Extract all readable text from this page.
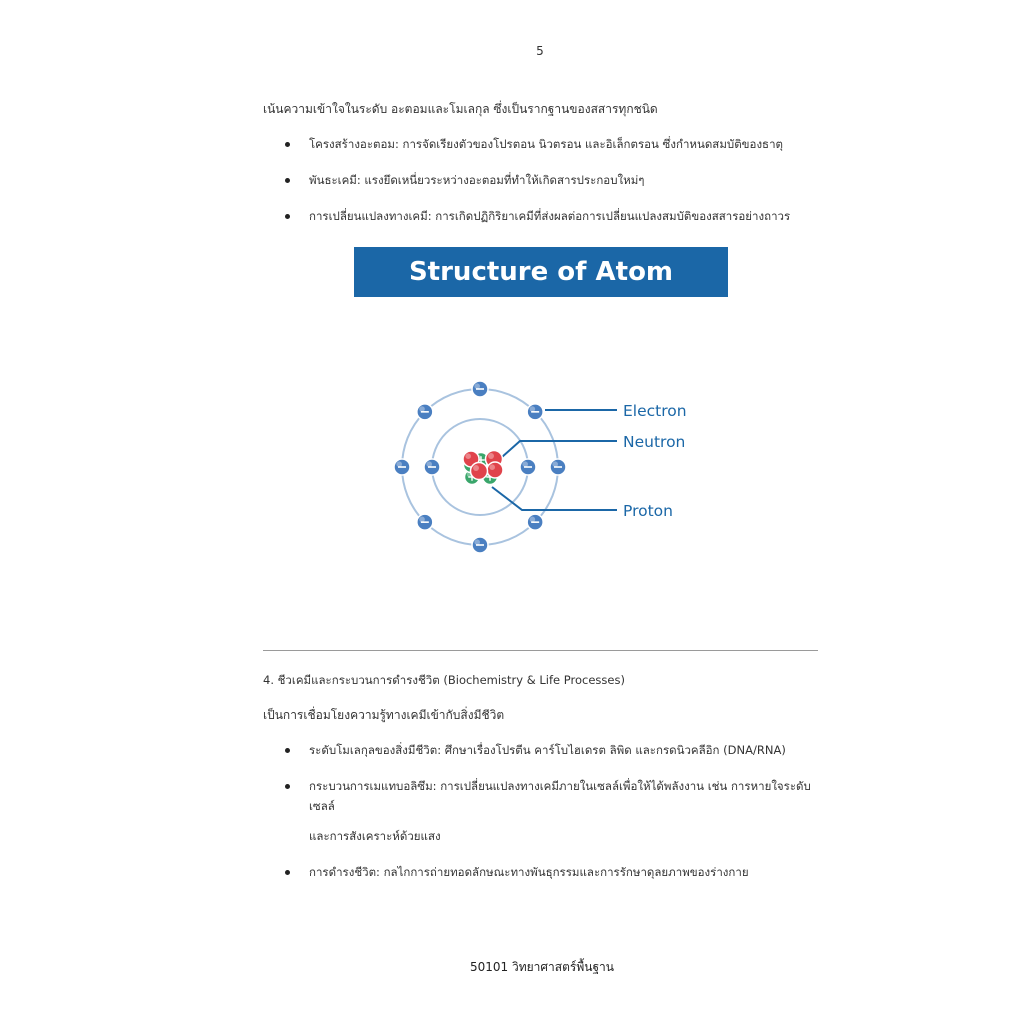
5
เน้นความเข้าใจในระดับ อะตอมและโมเลกุล ซึ่งเป็นรากฐานของสสารทุกชนิด
โครงสร้างอะตอม: การจัดเรียงตัวของโปรตอน นิวตรอน และอิเล็กตรอน ซึ่งกำหนดสมบัติของธาตุ
พันธะเคมี: แรงยึดเหนี่ยวระหว่างอะตอมที่ทำให้เกิดสารประกอบใหม่ๆ
การเปลี่ยนแปลงทางเคมี: การเกิดปฏิกิริยาเคมีที่ส่งผลต่อการเปลี่ยนแปลงสมบัติของสสารอย่างถาวร
Structure of Atom
Electron
Neutron
Proton
4. ชีวเคมีและกระบวนการดำรงชีวิต (Biochemistry & Life Processes)
เป็นการเชื่อมโยงความรู้ทางเคมีเข้ากับสิ่งมีชีวิต
ระดับโมเลกุลของสิ่งมีชีวิต: ศึกษาเรื่องโปรตีน คาร์โบไฮเดรต ลิพิด และกรดนิวคลีอิก (DNA/RNA)
กระบวนการเมแทบอลิซึม: การเปลี่ยนแปลงทางเคมีภายในเซลล์เพื่อให้ได้พลังงาน เช่น การหายใจระดับเซลล์
และการสังเคราะห์ด้วยแสง
การดำรงชีวิต: กลไกการถ่ายทอดลักษณะทางพันธุกรรมและการรักษาดุลยภาพของร่างกาย
50101 วิทยาศาสตร์พื้นฐาน
